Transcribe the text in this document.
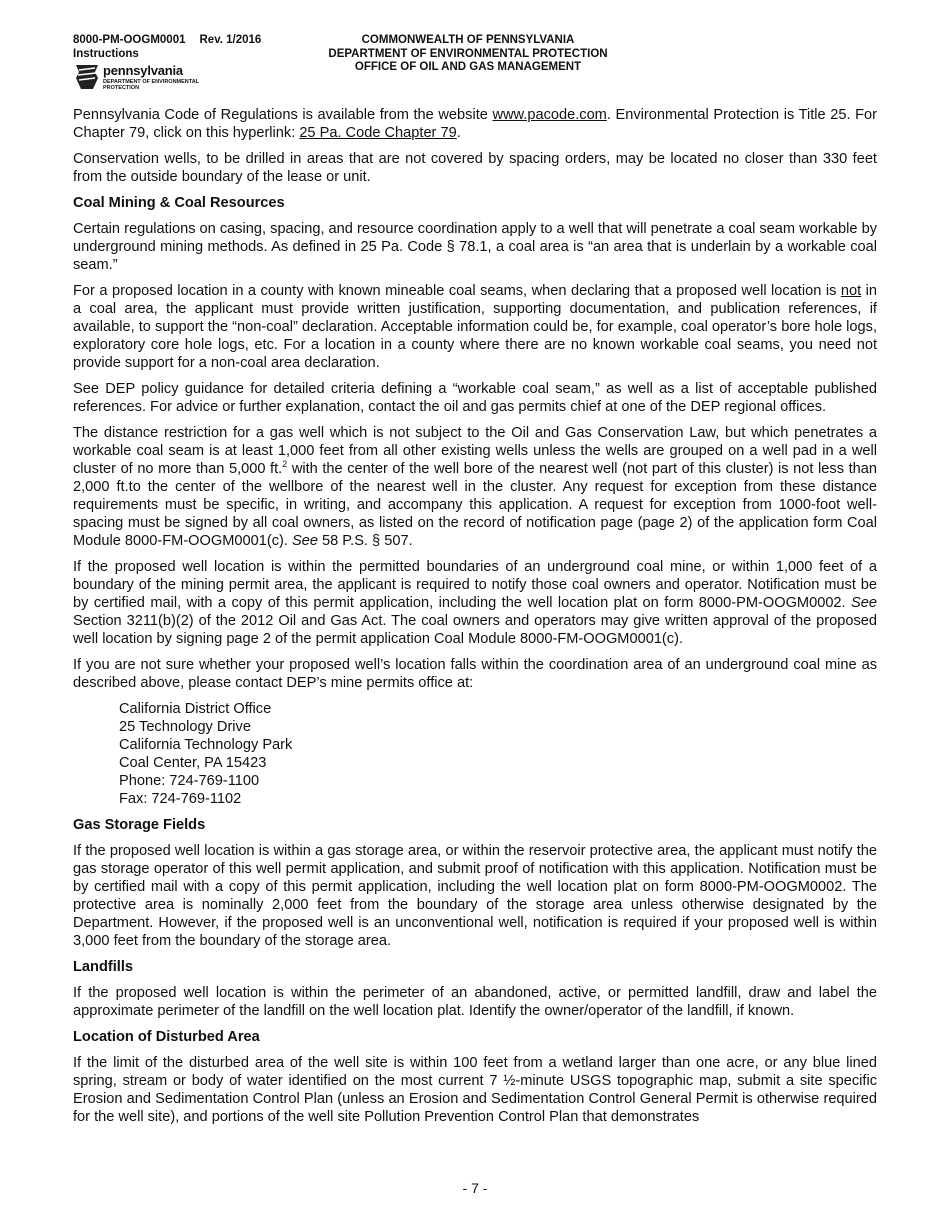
8000-PM-OOGM0001 Rev. 1/2016
Instructions
COMMONWEALTH OF PENNSYLVANIA
DEPARTMENT OF ENVIRONMENTAL PROTECTION
OFFICE OF OIL AND GAS MANAGEMENT
pennsylvania
DEPARTMENT OF ENVIRONMENTAL PROTECTION

Pennsylvania Code of Regulations is available from the website www.pacode.com. Environmental Protection is Title 25. For Chapter 79, click on this hyperlink: 25 Pa. Code Chapter 79.

Conservation wells, to be drilled in areas that are not covered by spacing orders, may be located no closer than 330 feet from the outside boundary of the lease or unit.

Coal Mining & Coal Resources

Certain regulations on casing, spacing, and resource coordination apply to a well that will penetrate a coal seam workable by underground mining methods. As defined in 25 Pa. Code § 78.1, a coal area is “an area that is underlain by a workable coal seam.”

For a proposed location in a county with known mineable coal seams, when declaring that a proposed well location is not in a coal area, the applicant must provide written justification, supporting documentation, and publication references, if available, to support the “non-coal” declaration. Acceptable information could be, for example, coal operator’s bore hole logs, exploratory core hole logs, etc. For a location in a county where there are no known workable coal seams, you need not provide support for a non-coal area declaration.

See DEP policy guidance for detailed criteria defining a “workable coal seam,” as well as a list of acceptable published references. For advice or further explanation, contact the oil and gas permits chief at one of the DEP regional offices.

The distance restriction for a gas well which is not subject to the Oil and Gas Conservation Law, but which penetrates a workable coal seam is at least 1,000 feet from all other existing wells unless the wells are grouped on a well pad in a well cluster of no more than 5,000 ft.$^2$ with the center of the well bore of the nearest well (not part of this cluster) is not less than 2,000 ft.to the center of the wellbore of the nearest well in the cluster. Any request for exception from these distance requirements must be specific, in writing, and accompany this application. A request for exception from 1000-foot well-spacing must be signed by all coal owners, as listed on the record of notification page (page 2) of the application form Coal Module 8000-FM-OOGM0001(c). See 58 P.S. § 507.

If the proposed well location is within the permitted boundaries of an underground coal mine, or within 1,000 feet of a boundary of the mining permit area, the applicant is required to notify those coal owners and operator. Notification must be by certified mail, with a copy of this permit application, including the well location plat on form 8000-PM-OOGM0002. See Section 3211(b)(2) of the 2012 Oil and Gas Act. The coal owners and operators may give written approval of the proposed well location by signing page 2 of the permit application Coal Module 8000-FM-OOGM0001(c).

If you are not sure whether your proposed well’s location falls within the coordination area of an underground coal mine as described above, please contact DEP’s mine permits office at:

California District Office
25 Technology Drive
California Technology Park
Coal Center, PA 15423
Phone: 724-769-1100
Fax: 724-769-1102
Gas Storage Fields

If the proposed well location is within a gas storage area, or within the reservoir protective area, the applicant must notify the gas storage operator of this well permit application, and submit proof of notification with this application. Notification must be by certified mail with a copy of this permit application, including the well location plat on form 8000-PM-OOGM0002. The protective area is nominally 2,000 feet from the boundary of the storage area unless otherwise designated by the Department. However, if the proposed well is an unconventional well, notification is required if your proposed well is within 3,000 feet from the boundary of the storage area.

Landfills

If the proposed well location is within the perimeter of an abandoned, active, or permitted landfill, draw and label the approximate perimeter of the landfill on the well location plat. Identify the owner/operator of the landfill, if known.

Location of Disturbed Area

If the limit of the disturbed area of the well site is within 100 feet from a wetland larger than one acre, or any blue lined spring, stream or body of water identified on the most current 7 ½-minute USGS topographic map, submit a site specific Erosion and Sedimentation Control Plan (unless an Erosion and Sedimentation Control General Permit is otherwise required for the well site), and portions of the well site Pollution Prevention Control Plan that demonstrates

- 7 -
